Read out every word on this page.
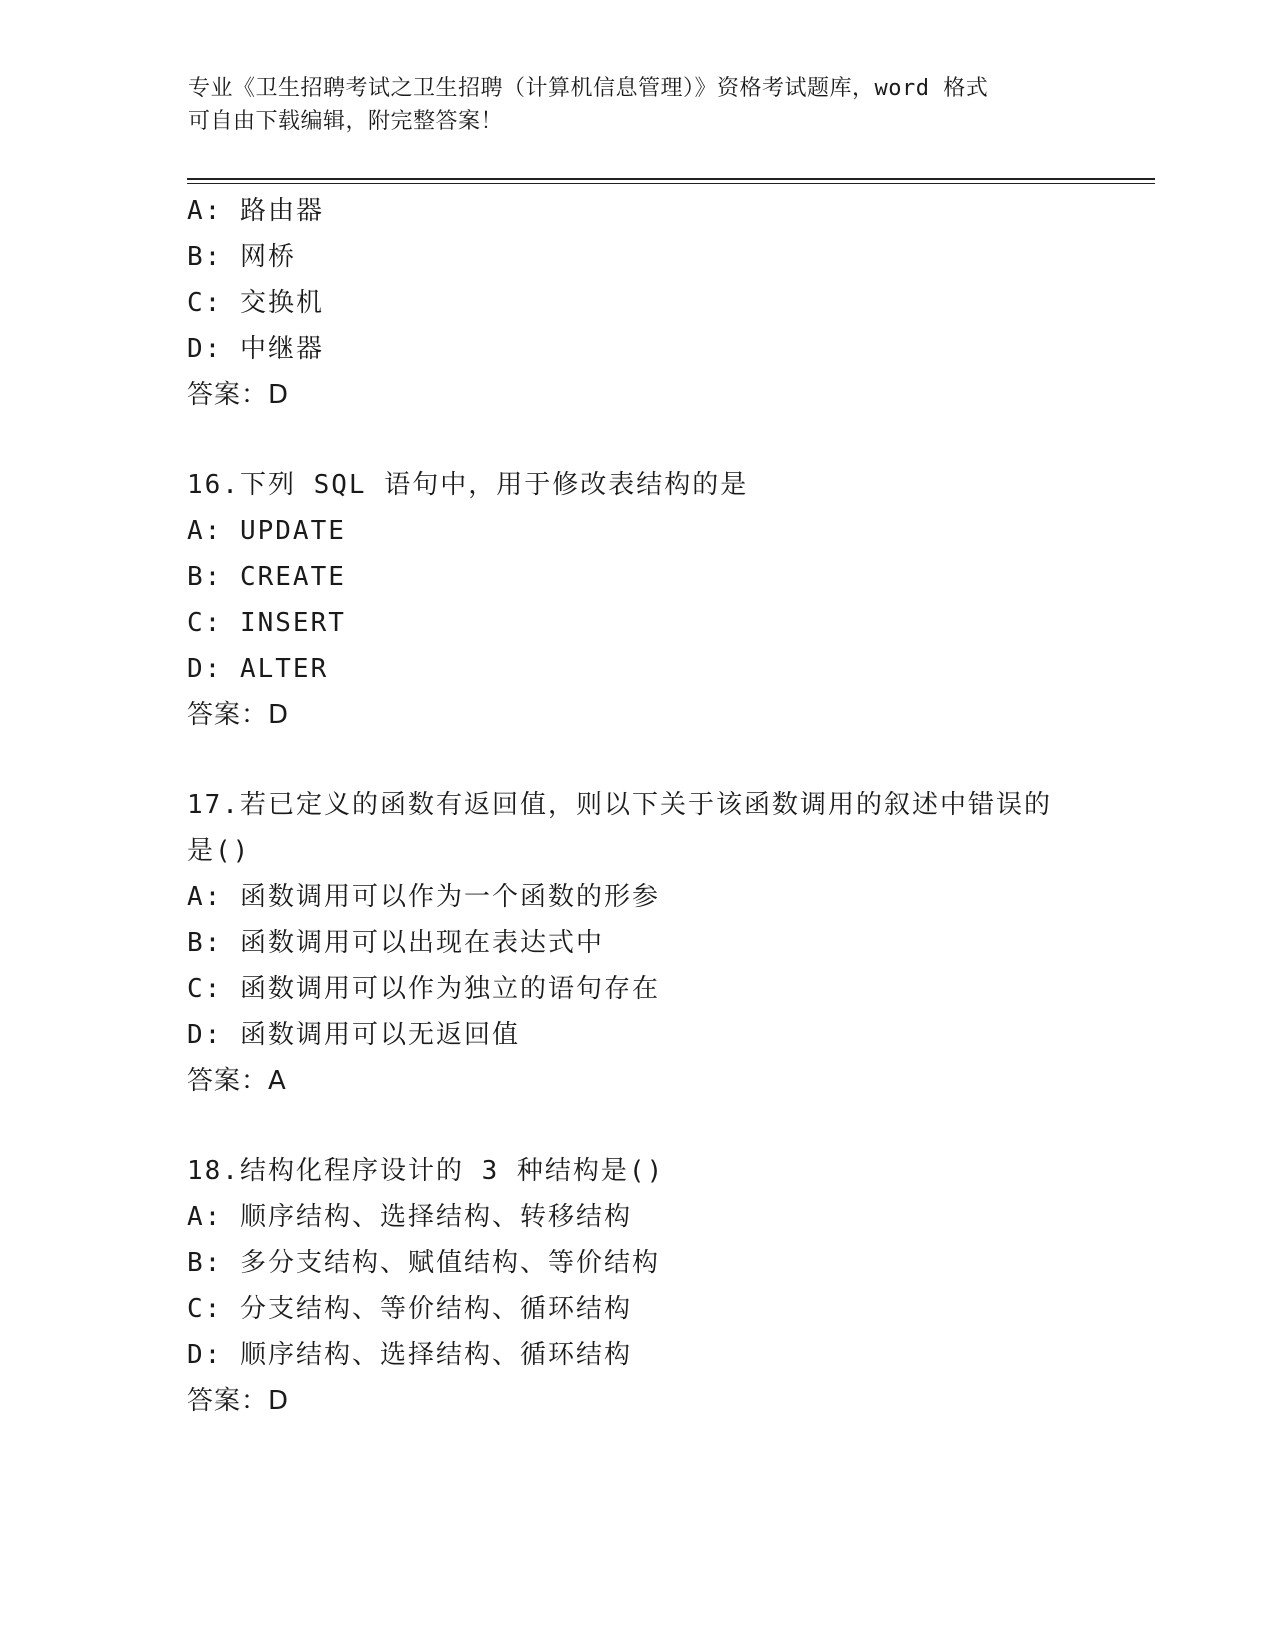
专业《卫生招聘考试之卫生招聘（计算机信息管理）》资格考试题库，word 格式
可自由下载编辑，附完整答案！
A: 路由器
B: 网桥
C: 交换机
D: 中继器
答案：D
16.下列 SQL 语句中，用于修改表结构的是
A: UPDATE
B: CREATE
C: INSERT
D: ALTER
答案：D
17.若已定义的函数有返回值，则以下关于该函数调用的叙述中错误的
是()
A: 函数调用可以作为一个函数的形参
B: 函数调用可以出现在表达式中
C: 函数调用可以作为独立的语句存在
D: 函数调用可以无返回值
答案：A
18.结构化程序设计的 3 种结构是()
A: 顺序结构、选择结构、转移结构
B: 多分支结构、赋值结构、等价结构
C: 分支结构、等价结构、循环结构
D: 顺序结构、选择结构、循环结构
答案：D
